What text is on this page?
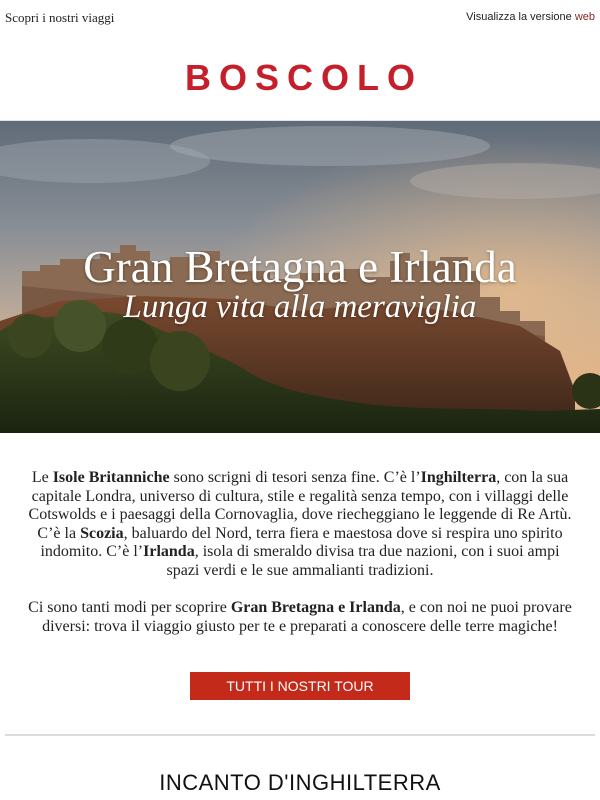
Scopri i nostri viaggi	Visualizza la versione web
BOSCOLO
Gran Bretagna e Irlanda
Lunga vita alla meraviglia

Le Isole Britanniche sono scrigni di tesori senza fine. C’è l’Inghilterra, con la sua capitale Londra, universo di cultura, stile e regalità senza tempo, con i villaggi delle Cotswolds e i paesaggi della Cornovaglia, dove riecheggiano le leggende di Re Artù. C’è la Scozia, baluardo del Nord, terra fiera e maestosa dove si respira uno spirito indomito. C’è l’Irlanda, isola di smeraldo divisa tra due nazioni, con i suoi ampi spazi verdi e le sue ammalianti tradizioni.

Ci sono tanti modi per scoprire Gran Bretagna e Irlanda, e con noi ne puoi provare diversi: trova il viaggio giusto per te e preparati a conoscere delle terre magiche!

TUTTI I NOSTRI TOUR
INCANTO D'INGHILTERRA
